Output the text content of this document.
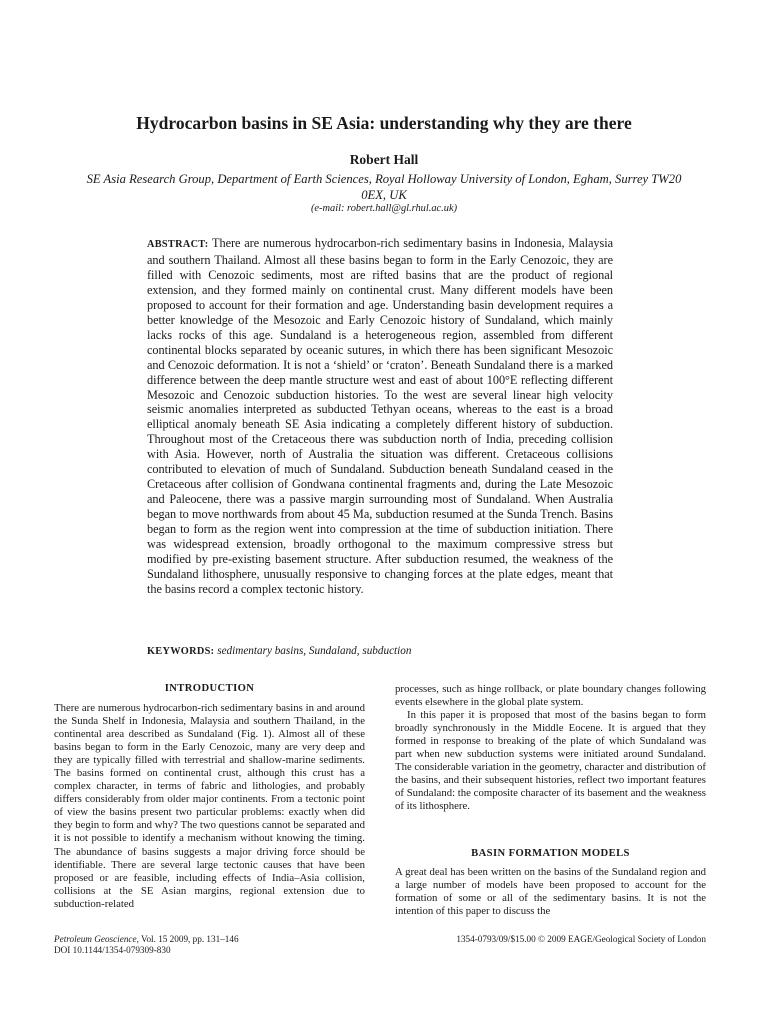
Hydrocarbon basins in SE Asia: understanding why they are there

Robert Hall

SE Asia Research Group, Department of Earth Sciences, Royal Holloway University of London, Egham, Surrey TW20 0EX, UK

(e-mail: robert.hall@gl.rhul.ac.uk)

ABSTRACT: There are numerous hydrocarbon-rich sedimentary basins in Indonesia, Malaysia and southern Thailand. Almost all these basins began to form in the Early Cenozoic, they are filled with Cenozoic sediments, most are rifted basins that are the product of regional extension, and they formed mainly on continental crust. Many different models have been proposed to account for their formation and age. Understanding basin development requires a better knowledge of the Mesozoic and Early Cenozoic history of Sundaland, which mainly lacks rocks of this age. Sundaland is a heterogeneous region, assembled from different continental blocks separated by oceanic sutures, in which there has been significant Mesozoic and Cenozoic deformation. It is not a ‘shield’ or ‘craton’. Beneath Sundaland there is a marked difference between the deep mantle structure west and east of about 100°E reflecting different Mesozoic and Cenozoic subduction histories. To the west are several linear high velocity seismic anomalies interpreted as subducted Tethyan oceans, whereas to the east is a broad elliptical anomaly beneath SE Asia indicating a completely different history of subduction. Throughout most of the Cretaceous there was subduction north of India, preceding collision with Asia. However, north of Australia the situation was different. Cretaceous collisions contributed to elevation of much of Sundaland. Subduction beneath Sundaland ceased in the Cretaceous after collision of Gondwana continental fragments and, during the Late Mesozoic and Paleocene, there was a passive margin surrounding most of Sundaland. When Australia began to move northwards from about 45 Ma, subduction resumed at the Sunda Trench. Basins began to form as the region went into compression at the time of subduction initiation. There was widespread extension, broadly orthogonal to the maximum compressive stress but modified by pre-existing basement structure. After subduction resumed, the weakness of the Sundaland lithosphere, unusually responsive to changing forces at the plate edges, meant that the basins record a complex tectonic history.

KEYWORDS: sedimentary basins, Sundaland, subduction

INTRODUCTION

There are numerous hydrocarbon-rich sedimentary basins in and around the Sunda Shelf in Indonesia, Malaysia and southern Thailand, in the continental area described as Sundaland (Fig. 1). Almost all of these basins began to form in the Early Cenozoic, many are very deep and they are typically filled with terrestrial and shallow-marine sediments. The basins formed on continental crust, although this crust has a complex character, in terms of fabric and lithologies, and probably differs considerably from older major continents. From a tectonic point of view the basins present two particular problems: exactly when did they begin to form and why? The two questions cannot be separated and it is not possible to identify a mechanism without knowing the timing. The abundance of basins suggests a major driving force should be identifiable. There are several large tectonic causes that have been proposed or are feasible, including effects of India–Asia collision, collisions at the SE Asian margins, regional extension due to subduction-related

processes, such as hinge rollback, or plate boundary changes following events elsewhere in the global plate system.

In this paper it is proposed that most of the basins began to form broadly synchronously in the Middle Eocene. It is argued that they formed in response to breaking of the plate of which Sundaland was part when new subduction systems were initiated around Sundaland. The considerable variation in the geometry, character and distribution of the basins, and their subsequent histories, reflect two important features of Sundaland: the composite character of its basement and the weakness of its lithosphere.

BASIN FORMATION MODELS

A great deal has been written on the basins of the Sundaland region and a large number of models have been proposed to account for the formation of some or all of the sedimentary basins. It is not the intention of this paper to discuss the

Petroleum Geoscience, Vol. 15 2009, pp. 131–146
DOI 10.1144/1354-079309-830

1354-0793/09/$15.00 © 2009 EAGE/Geological Society of London
